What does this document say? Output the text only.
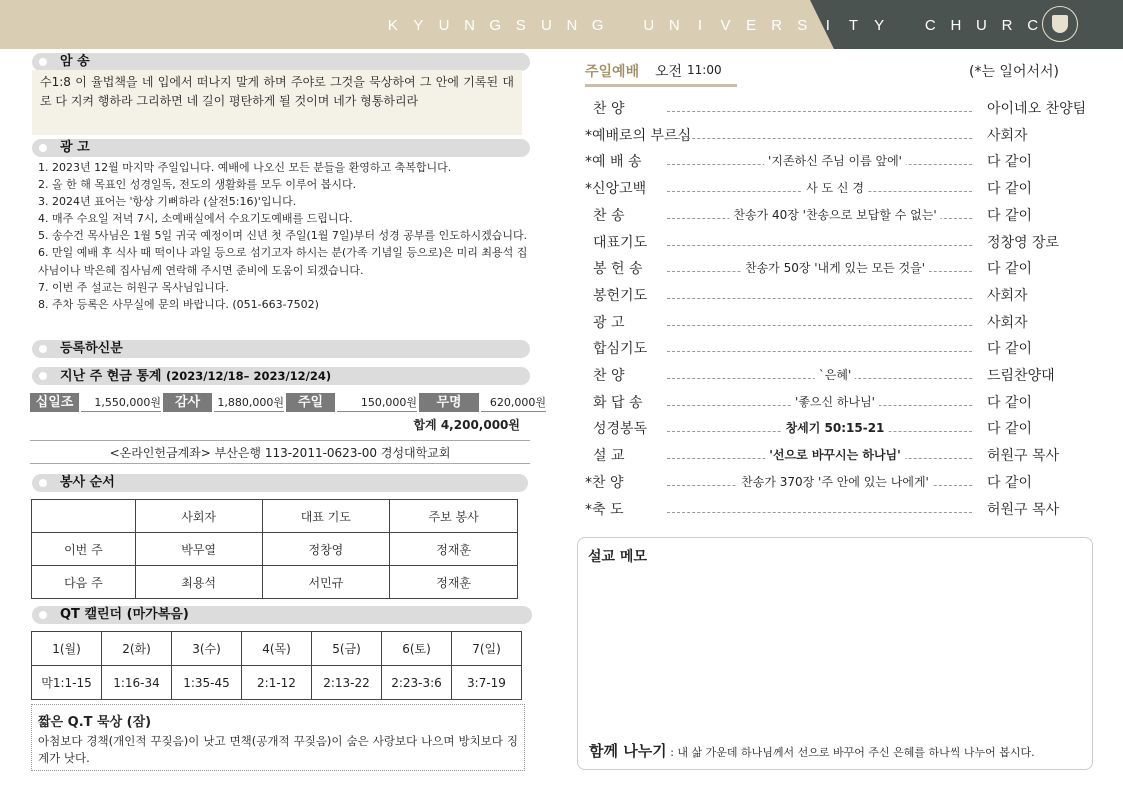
K Y U N G S U N G	U N I V E R S I T Y	C H U R C
암 송
수1:8 이 율법책을 네 입에서 떠나지 말게 하며 주야로 그것을 묵상하여 그 안에 기록된 대로 다 지켜 행하라 그리하면 네 길이 평탄하게 될 것이며 네가 형통하리라
광 고
1. 2023년 12월 마지막 주일입니다. 예배에 나오신 모든 분들을 환영하고 축복합니다.
2. 올 한 해 목표인 성경일독, 전도의 생활화를 모두 이루어 봅시다.
3. 2024년 표어는 '항상 기뻐하라 (살전5:16)'입니다.
4. 매주 수요일 저녁 7시, 소예배실에서 수요기도예배를 드립니다.
5. 송수건 목사님은 1월 5일 귀국 예정이며 신년 첫 주일(1월 7일)부터 성경 공부를 인도하시겠습니다.
6. 만일 예배 후 식사 때 떡이나 과일 등으로 섬기고자 하시는 분(가족 기념일 등으로)은 미리 최용석 집사님이나 박은혜 집사님께 연락해 주시면 준비에 도움이 되겠습니다.
7. 이번 주 설교는 허원구 목사님입니다.
8. 주차 등록은 사무실에 문의 바랍니다. (051-663-7502)
등록하신분
지난 주 현금 통계 (2023/12/18– 2023/12/24)
십일조	1,550,000원	감사	1,880,000원	주일	150,000원	무명	620,000원
합계 4,200,000원
<온라인헌금계좌> 부산은행 113-2011-0623-00 경성대학교회
봉사 순서
	사회자	대표 기도	주보 봉사
이번 주	박무열	정창영	정재훈
다음 주	최용석	서민규	정재훈
QT 캘린더 (마가복음)
1(월)	2(화)	3(수)	4(목)	5(금)	6(토)	7(일)
막1:1-15	1:16-34	1:35-45	2:1-12	2:13-22	2:23-3:6	3:7-19
짧은 Q.T 묵상 (잠)
아첨보다 경책(개인적 꾸짖음)이 낫고 면책(공개적 꾸짖음)이 숨은 사랑보다 나으며 방치보다 징계가 낫다.
주일예배 오전 11:00	(*는 일어서서)
찬 양	아이네오 찬양팀
*예배로의 부르심	사회자
*예 배 송	'지존하신 주님 이름 앞에'	다 같이
*신앙고백	사 도 신 경	다 같이
찬 송	찬송가 40장 '찬송으로 보답할 수 없는'	다 같이
대표기도	정창영 장로
봉 헌 송	찬송가 50장 '내게 있는 모든 것을'	다 같이
봉헌기도	사회자
광 고	사회자
합심기도	다 같이
찬 양	`은혜'	드림찬양대
화 답 송	'좋으신 하나님'	다 같이
성경봉독	창세기 50:15-21	다 같이
설 교	'선으로 바꾸시는 하나님'	허원구 목사
*찬 양	찬송가 370장 '주 안에 있는 나에게'	다 같이
*축 도	허원구 목사
설교 메모
함께 나누기 : 내 삶 가운데 하나님께서 선으로 바꾸어 주신 은혜를 하나씩 나누어 봅시다.
